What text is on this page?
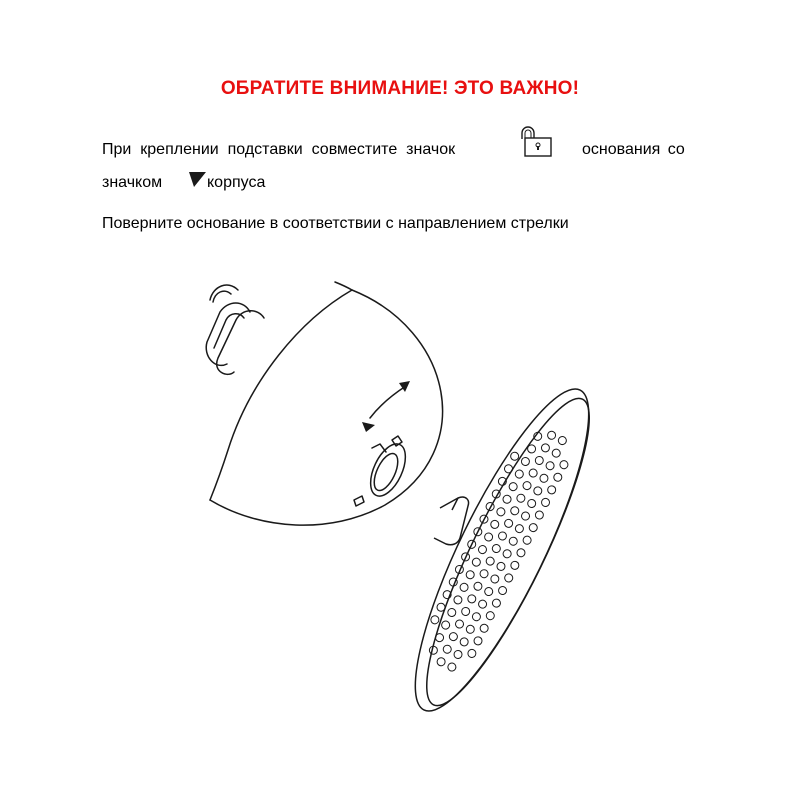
ОБРАТИТЕ ВНИМАНИЕ! ЭТО ВАЖНО!
При креплении подставки совместите значок	основания со
значком	корпуса
Поверните основание в соответствии с направлением стрелки
